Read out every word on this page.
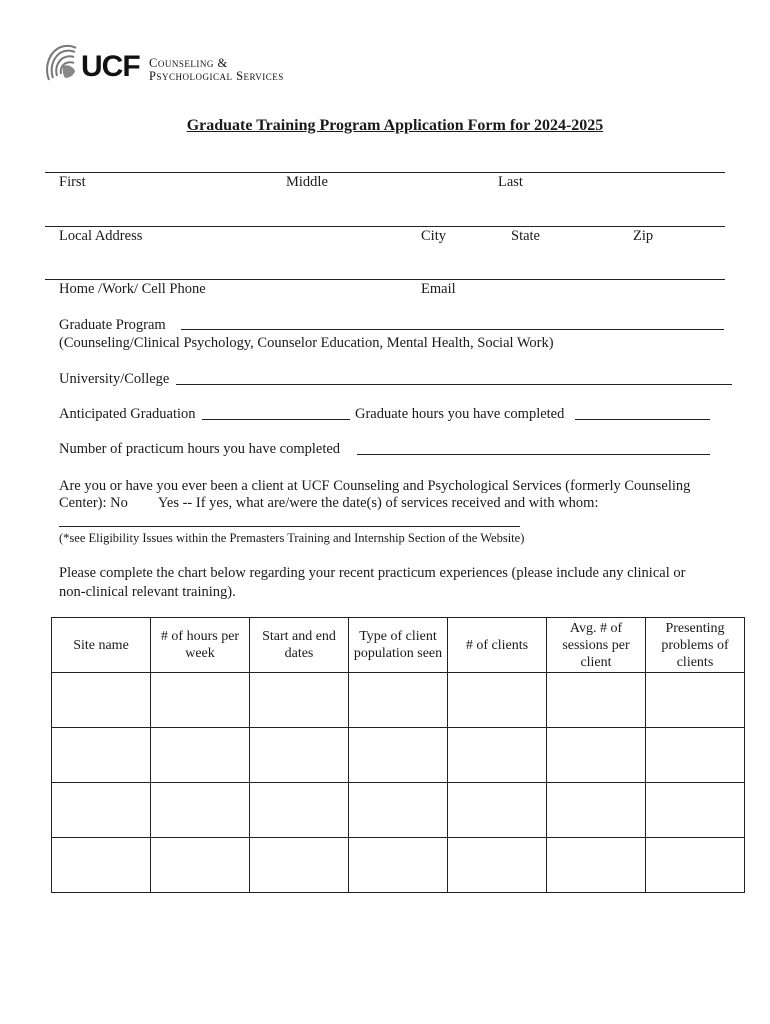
UCF Counseling &
Psychological Services
Graduate Training Program Application Form for 2024-2025
First	Middle	Last
Local Address	City	State	Zip
Home /Work/ Cell Phone	Email
Graduate Program
(Counseling/Clinical Psychology, Counselor Education, Mental Health, Social Work)
University/College
Anticipated Graduation	Graduate hours you have completed
Number of practicum hours you have completed
Are you or have you ever been a client at UCF Counseling and Psychological Services (formerly Counseling
Center): No Yes -- If yes, what are/were the date(s) of services received and with whom:
(*see Eligibility Issues within the Premasters Training and Internship Section of the Website)
Please complete the chart below regarding your recent practicum experiences (please include any clinical or
non-clinical relevant training).
Site name	# of hours per week	Start and end dates	Type of client population seen	# of clients	Avg. # of sessions per client	Presenting problems of clients
